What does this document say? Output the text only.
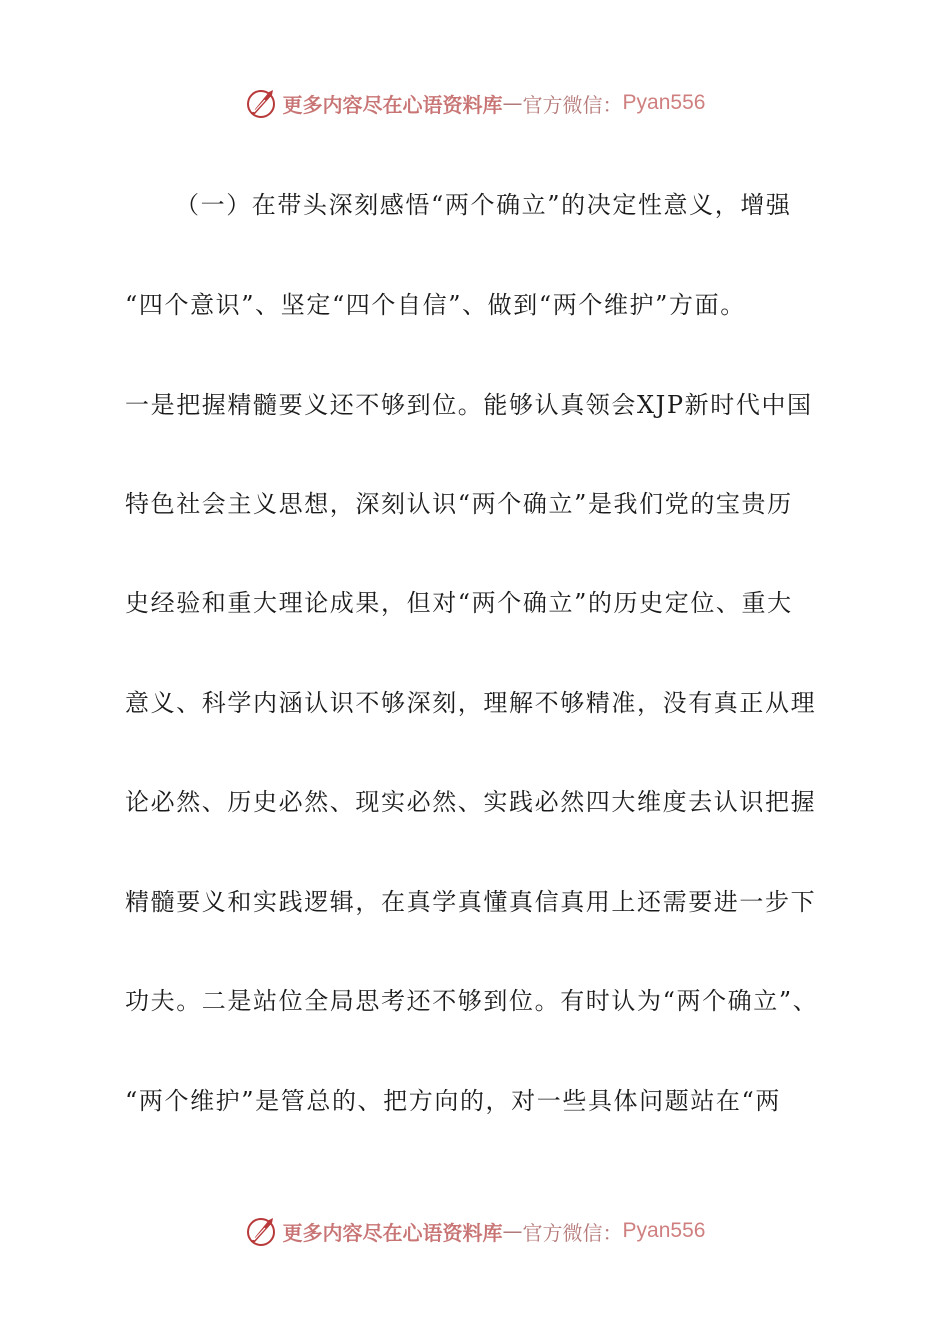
更多内容尽在心语资料库 — 官方微信： Pyan556
（一）在带头深刻感悟“两个确立”的决定性意义，增强
“四个意识”、坚定“四个自信”、做到“两个维护”方面。
一是把握精髓要义还不够到位。能够认真领会XJP新时代中国
特色社会主义思想，深刻认识“两个确立”是我们党的宝贵历
史经验和重大理论成果，但对“两个确立”的历史定位、重大
意义、科学内涵认识不够深刻，理解不够精准，没有真正从理
论必然、历史必然、现实必然、实践必然四大维度去认识把握
精髓要义和实践逻辑，在真学真懂真信真用上还需要进一步下
功夫。二是站位全局思考还不够到位。有时认为“两个确立”、
“两个维护”是管总的、把方向的，对一些具体问题站在“两
更多内容尽在心语资料库 — 官方微信： Pyan556
